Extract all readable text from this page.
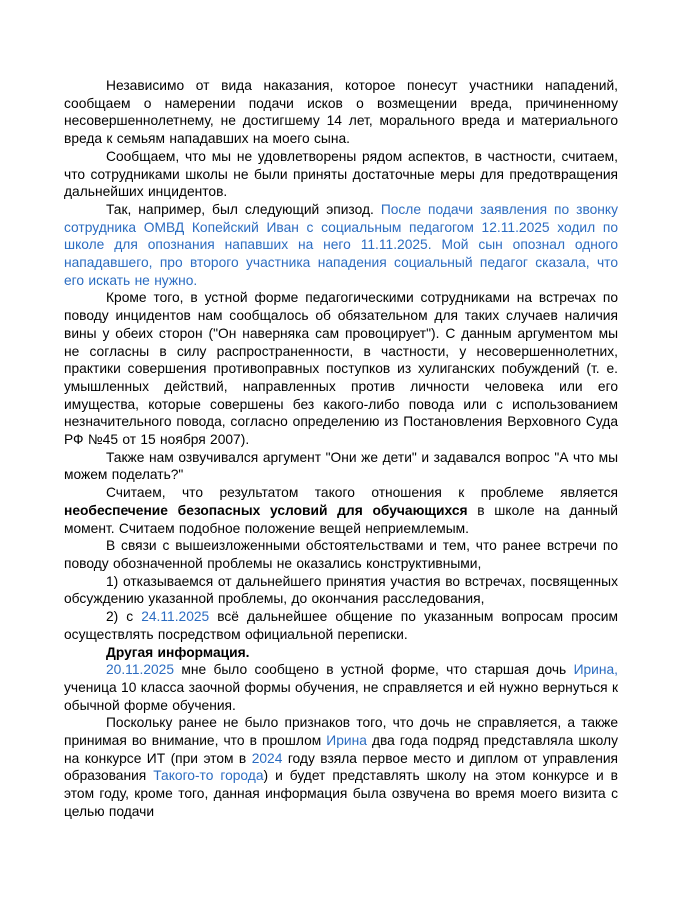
Независимо от вида наказания, которое понесут участники нападений, сообщаем о намерении подачи исков о возмещении вреда, причиненному несовершеннолетнему, не достигшему 14 лет, морального вреда и материального вреда к семьям нападавших на моего сына.

Сообщаем, что мы не удовлетворены рядом аспектов, в частности, считаем, что сотрудниками школы не были приняты достаточные меры для предотвращения дальнейших инцидентов.

Так, например, был следующий эпизод. После подачи заявления по звонку сотрудника ОМВД Копейский Иван с социальным педагогом 12.11.2025 ходил по школе для опознания напавших на него 11.11.2025. Мой сын опознал одного нападавшего, про второго участника нападения социальный педагог сказала, что его искать не нужно.

Кроме того, в устной форме педагогическими сотрудниками на встречах по поводу инцидентов нам сообщалось об обязательном для таких случаев наличия вины у обеих сторон ("Он наверняка сам провоцирует"). С данным аргументом мы не согласны в силу распространенности, в частности, у несовершеннолетних, практики совершения противоправных поступков из хулиганских побуждений (т. е. умышленных действий, направленных против личности человека или его имущества, которые совершены без какого-либо повода или с использованием незначительного повода, согласно определению из Постановления Верховного Суда РФ №45 от 15 ноября 2007).

Также нам озвучивался аргумент "Они же дети" и задавался вопрос "А что мы можем поделать?"

Считаем, что результатом такого отношения к проблеме является необеспечение безопасных условий для обучающихся в школе на данный момент. Считаем подобное положение вещей неприемлемым.

В связи с вышеизложенными обстоятельствами и тем, что ранее встречи по поводу обозначенной проблемы не оказались конструктивными,

1) отказываемся от дальнейшего принятия участия во встречах, посвященных обсуждению указанной проблемы, до окончания расследования,

2) с 24.11.2025 всё дальнейшее общение по указанным вопросам просим осуществлять посредством официальной переписки.

Другая информация.

20.11.2025 мне было сообщено в устной форме, что старшая дочь Ирина, ученица 10 класса заочной формы обучения, не справляется и ей нужно вернуться к обычной форме обучения.

Поскольку ранее не было признаков того, что дочь не справляется, а также принимая во внимание, что в прошлом Ирина два года подряд представляла школу на конкурсе ИТ (при этом в 2024 году взяла первое место и диплом от управления образования Такого-то города) и будет представлять школу на этом конкурсе и в этом году, кроме того, данная информация была озвучена во время моего визита с целью подачи
